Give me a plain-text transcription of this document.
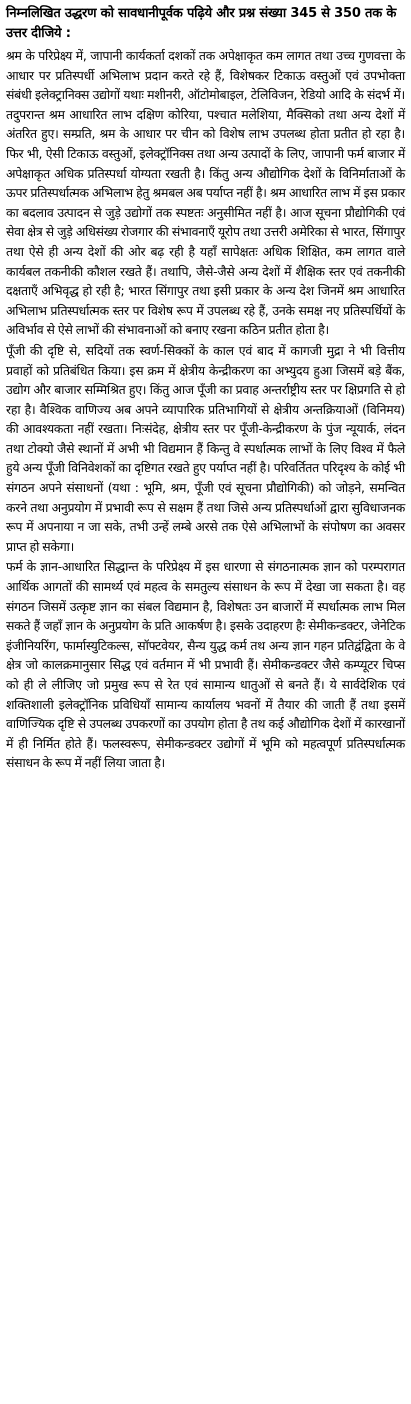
निम्नलिखित उद्धरण को सावधानीपूर्वक पढ़िये और प्रश्न संख्या 345 से 350 तक के उत्तर दीजिये :

श्रम के परिप्रेक्ष्य में, जापानी कार्यकर्ता दशकों तक अपेक्षाकृत कम लागत तथा उच्च गुणवत्ता के आधार पर प्रतिस्पर्धी अभिलाभ प्रदान करते रहे हैं, विशेषकर टिकाऊ वस्तुओं एवं उपभोक्ता संबंधी इलेक्ट्रानिक्स उद्योगों यथाः मशीनरी, ऑटोमोबाइल, टेलिविजन, रेडियो आदि के संदर्भ में। तदुपरान्त श्रम आधारित लाभ दक्षिण कोरिया, पश्चात मलेशिया, मैक्सिको तथा अन्य देशों में अंतरित हुए। सम्प्रति, श्रम के आधार पर चीन को विशेष लाभ उपलब्ध होता प्रतीत हो रहा है। फिर भी, ऐसी टिकाऊ वस्तुओं, इलेक्ट्रॉनिक्स तथा अन्य उत्पादों के लिए, जापानी फर्म बाजार में अपेक्षाकृत अधिक प्रतिस्पर्धा योग्यता रखती है। किंतु अन्य औद्योगिक देशों के विनिर्माताओं के ऊपर प्रतिस्पर्धात्मक अभिलाभ हेतु श्रमबल अब पर्याप्त नहीं है। श्रम आधारित लाभ में इस प्रकार का बदलाव उत्पादन से जुड़े उद्योगों तक स्पष्टतः अनुसीमित नहीं है। आज सूचना प्रौद्योगिकी एवं सेवा क्षेत्र से जुड़े अधिसंख्य रोजगार की संभावनाएँ यूरोप तथा उत्तरी अमेरिका से भारत, सिंगापुर तथा ऐसे ही अन्य देशों की ओर बढ़ रही है यहाँ सापेक्षतः अधिक शिक्षित, कम लागत वाले कार्यबल तकनीकी कौशल रखते हैं। तथापि, जैसे-जैसे अन्य देशों में शैक्षिक स्तर एवं तकनीकी दक्षताएँ अभिवृद्ध हो रही है; भारत सिंगापुर तथा इसी प्रकार के अन्य देश जिनमें श्रम आधारित अभिलाभ प्रतिस्पर्धात्मक स्तर पर विशेष रूप में उपलब्ध रहे हैं, उनके समक्ष नए प्रतिस्पर्धियों के अविर्भाव से ऐसे लाभों की संभावनाओं को बनाए रखना कठिन प्रतीत होता है।

पूँजी की दृष्टि से, सदियों तक स्वर्ण-सिक्कों के काल एवं बाद में कागजी मुद्रा ने भी वित्तीय प्रवाहों को प्रतिबंधित किया। इस क्रम में क्षेत्रीय केन्द्रीकरण का अभ्युदय हुआ जिसमें बड़े बैंक, उद्योग और बाजार सम्मिश्रित हुए। किंतु आज पूँजी का प्रवाह अन्तर्राष्ट्रीय स्तर पर क्षिप्रगति से हो रहा है। वैश्विक वाणिज्य अब अपने व्यापारिक प्रतिभागियों से क्षेत्रीय अन्तक्रियाओं (विनिमय) की आवश्यकता नहीं रखता। निःसंदेह, क्षेत्रीय स्तर पर पूँजी-केन्द्रीकरण के पुंज न्यूयार्क, लंदन तथा टोक्यो जैसे स्थानों में अभी भी विद्यमान हैं किन्तु वे स्पर्धात्मक लाभों के लिए विश्व में फैले हुये अन्य पूँजी विनिवेशकों का दृष्टिगत रखते हुए पर्याप्त नहीं है। परिवर्तितत परिदृश्य के कोई भी संगठन अपने संसाधनों (यथा : भूमि, श्रम, पूँजी एवं सूचना प्रौद्योगिकी) को जोड़ने, समन्वित करने तथा अनुप्रयोग में प्रभावी रूप से सक्षम हैं तथा जिसे अन्य प्रतिस्पर्धाओं द्वारा सुविधाजनक रूप में अपनाया न जा सके, तभी उन्हें लम्बे अरसे तक ऐसे अभिलाभों के संपोषण का अवसर प्राप्त हो सकेगा।

फर्म के ज्ञान-आधारित सिद्धान्त के परिप्रेक्ष्य में इस धारणा से संगठनात्मक ज्ञान को परम्परागत आर्थिक आगतों की सामर्थ्य एवं महत्व के समतुल्य संसाधन के रूप में देखा जा सकता है। वह संगठन जिसमें उत्कृष्ट ज्ञान का संबल विद्यमान है, विशेषतः उन बाजारों में स्पर्धात्मक लाभ मिल सकते हैं जहाँ ज्ञान के अनुप्रयोग के प्रति आकर्षण है। इसके उदाहरण हैः सेमीकन्डक्टर, जेनेटिक इंजीनियरिंग, फार्मास्युटिकल्स, सॉफ्टवेयर, सैन्य युद्ध कर्म तथ अन्य ज्ञान गहन प्रतिद्वंद्विता के वे क्षेत्र जो कालक्रमानुसार सिद्ध एवं वर्तमान में भी प्रभावी हैं। सेमीकन्डक्टर जैसे कम्प्यूटर चिप्स को ही ले लीजिए जो प्रमुख रूप से रेत एवं सामान्य धातुओं से बनते हैं। ये सार्वदेशिक एवं शक्तिशाली इलेक्ट्रॉनिक प्रविधियाँ सामान्य कार्यालय भवनों में तैयार की जाती हैं तथा इसमें वाणिज्यिक दृष्टि से उपलब्ध उपकरणों का उपयोग होता है तथ कई औद्योगिक देशों में कारखानों में ही निर्मित होते हैं। फलस्वरूप, सेमीकन्डक्टर उद्योगों में भूमि को महत्वपूर्ण प्रतिस्पर्धात्मक संसाधन के रूप में नहीं लिया जाता है।
